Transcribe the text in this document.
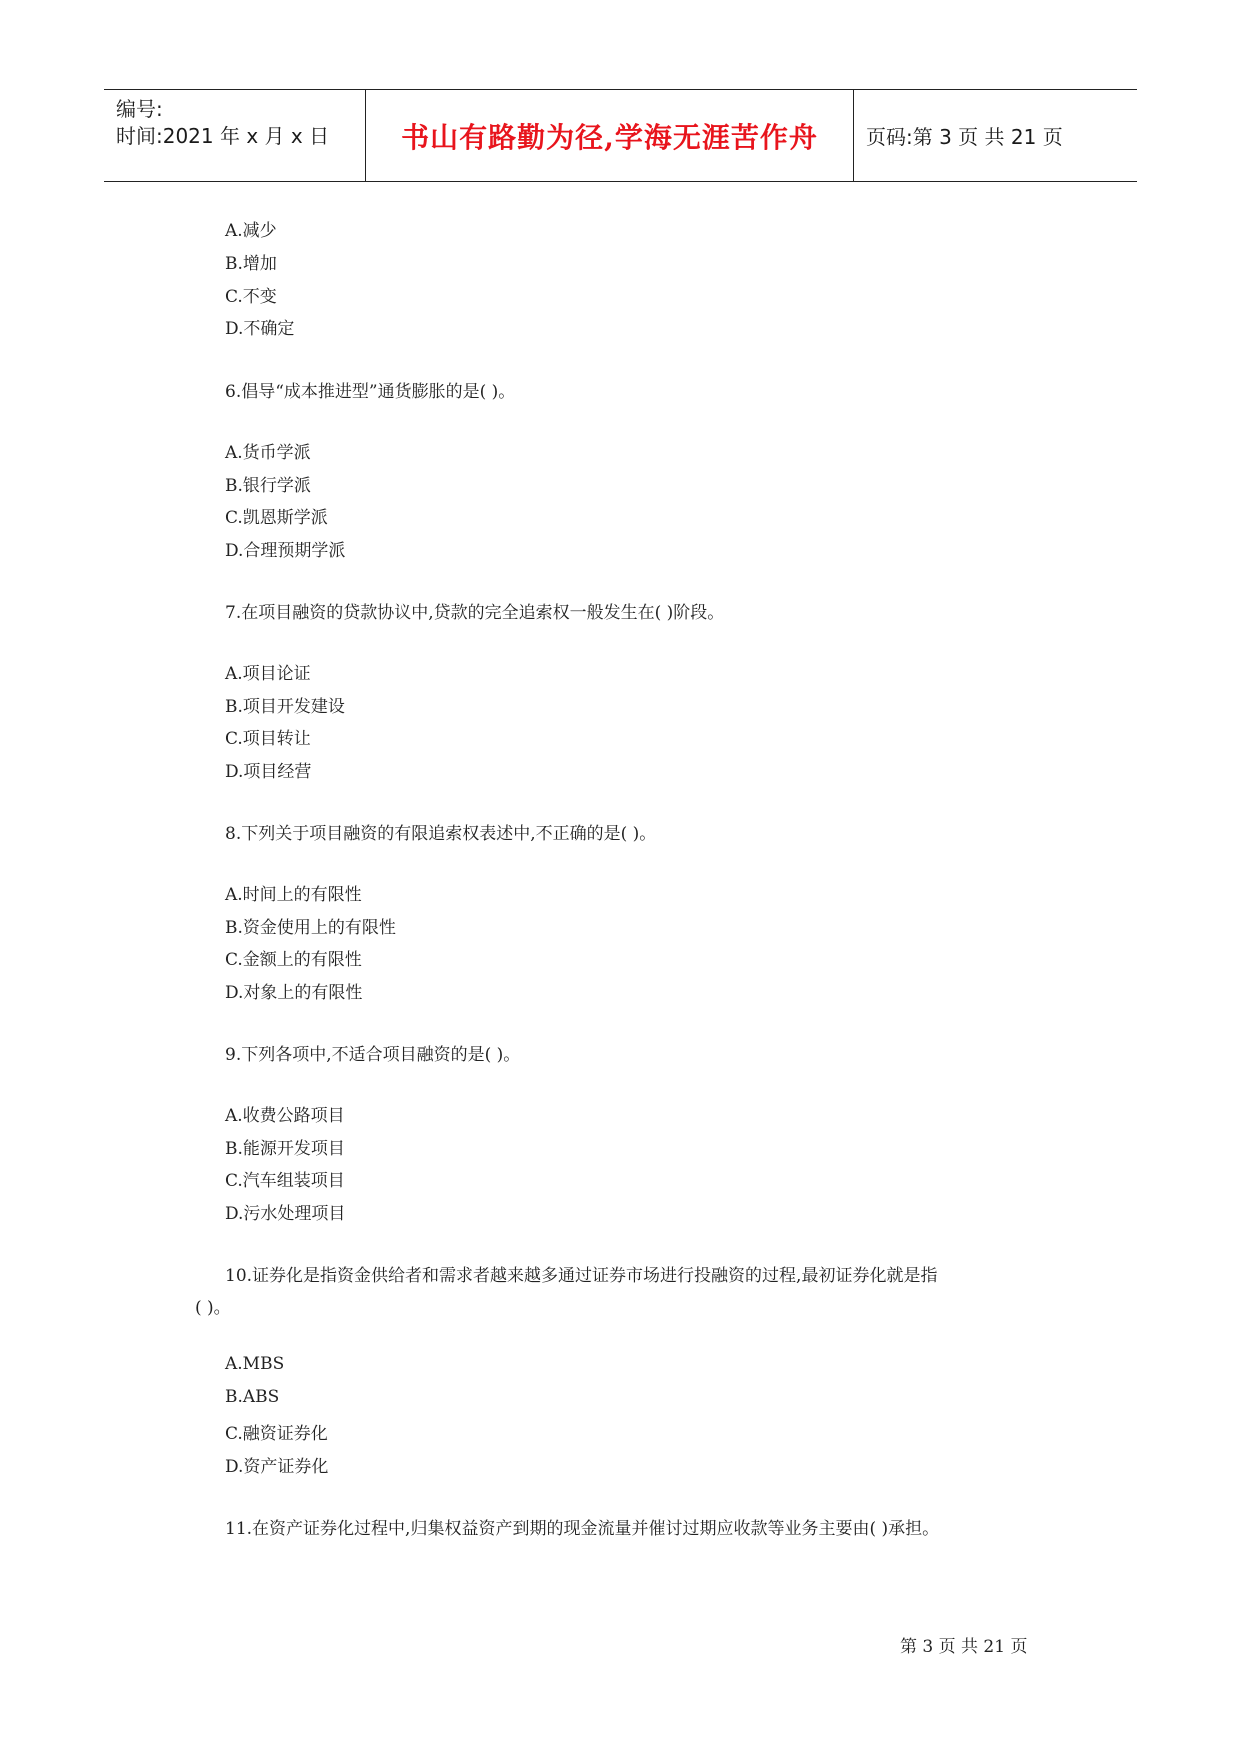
编号:
时间:2021 年 x 月 x 日	书山有路勤为径,学海无涯苦作舟 页码:第 3 页 共 21 页
A.减少
B.增加
C.不变
D.不确定
6.倡导“成本推进型”通货膨胀的是( )。
A.货币学派
B.银行学派
C.凯恩斯学派
D.合理预期学派
7.在项目融资的贷款协议中,贷款的完全追索权一般发生在( )阶段。
A.项目论证
B.项目开发建设
C.项目转让
D.项目经营
8.下列关于项目融资的有限追索权表述中,不正确的是( )。
A.时间上的有限性
B.资金使用上的有限性
C.金额上的有限性
D.对象上的有限性
9.下列各项中,不适合项目融资的是( )。
A.收费公路项目
B.能源开发项目
C.汽车组装项目
D.污水处理项目
10.证券化是指资金供给者和需求者越来越多通过证券市场进行投融资的过程,最初证券化就是指
( )。
A.MBS
B.ABS
C.融资证券化
D.资产证券化
11.在资产证券化过程中,归集权益资产到期的现金流量并催讨过期应收款等业务主要由( )承担。
第 3 页 共 21 页
